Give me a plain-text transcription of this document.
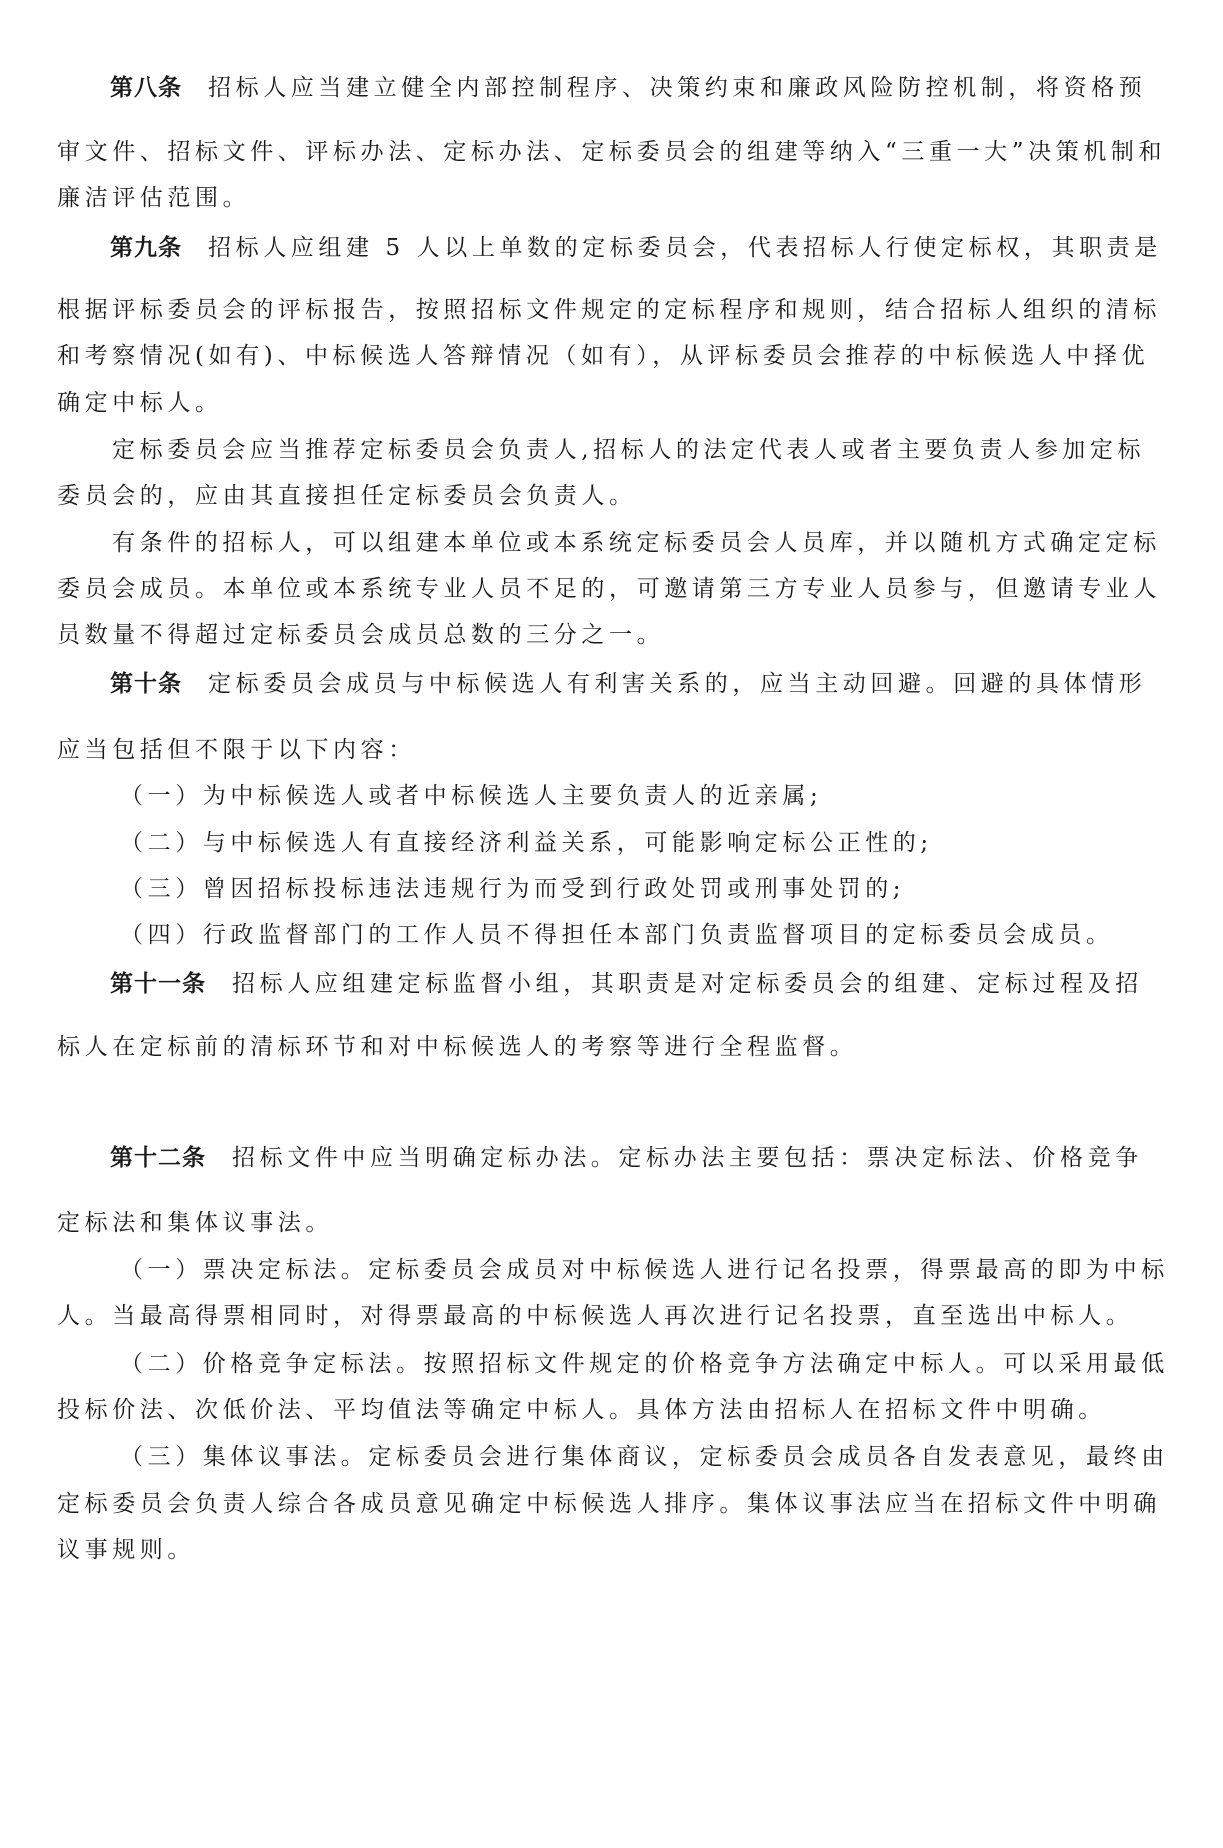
第八条 招标人应当建立健全内部控制程序、决策约束和廉政风险防控机制，将资格预
审文件、招标文件、评标办法、定标办法、定标委员会的组建等纳入“三重一大”决策机制和
廉洁评估范围。
第九条 招标人应组建 5 人以上单数的定标委员会，代表招标人行使定标权，其职责是
根据评标委员会的评标报告，按照招标文件规定的定标程序和规则，结合招标人组织的清标
和考察情况(如有)、中标候选人答辩情况（如有），从评标委员会推荐的中标候选人中择优
确定中标人。
定标委员会应当推荐定标委员会负责人,招标人的法定代表人或者主要负责人参加定标
委员会的，应由其直接担任定标委员会负责人。
有条件的招标人，可以组建本单位或本系统定标委员会人员库，并以随机方式确定定标
委员会成员。本单位或本系统专业人员不足的，可邀请第三方专业人员参与，但邀请专业人
员数量不得超过定标委员会成员总数的三分之一。
第十条 定标委员会成员与中标候选人有利害关系的，应当主动回避。回避的具体情形
应当包括但不限于以下内容：
（一）为中标候选人或者中标候选人主要负责人的近亲属;
（二）与中标候选人有直接经济利益关系，可能影响定标公正性的;
（三）曾因招标投标违法违规行为而受到行政处罚或刑事处罚的;
（四）行政监督部门的工作人员不得担任本部门负责监督项目的定标委员会成员。
第十一条 招标人应组建定标监督小组，其职责是对定标委员会的组建、定标过程及招
标人在定标前的清标环节和对中标候选人的考察等进行全程监督。
第十二条 招标文件中应当明确定标办法。定标办法主要包括：票决定标法、价格竞争
定标法和集体议事法。
（一）票决定标法。定标委员会成员对中标候选人进行记名投票，得票最高的即为中标
人。当最高得票相同时，对得票最高的中标候选人再次进行记名投票，直至选出中标人。
（二）价格竞争定标法。按照招标文件规定的价格竞争方法确定中标人。可以采用最低
投标价法、次低价法、平均值法等确定中标人。具体方法由招标人在招标文件中明确。
（三）集体议事法。定标委员会进行集体商议，定标委员会成员各自发表意见，最终由
定标委员会负责人综合各成员意见确定中标候选人排序。集体议事法应当在招标文件中明确
议事规则。
